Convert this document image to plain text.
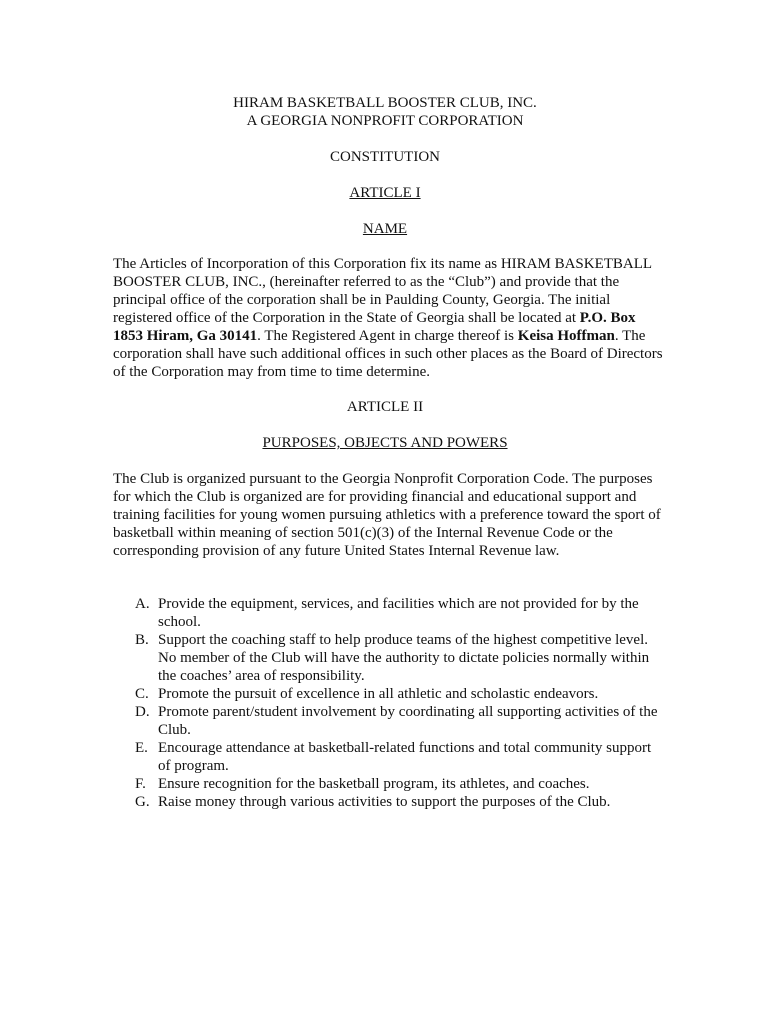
HIRAM BASKETBALL BOOSTER CLUB, INC.

A GEORGIA NONPROFIT CORPORATION

CONSTITUTION

ARTICLE I

NAME

The Articles of Incorporation of this Corporation fix its name as HIRAM BASKETBALL BOOSTER CLUB, INC., (hereinafter referred to as the “Club”) and provide that the principal office of the corporation shall be in Paulding County, Georgia. The initial registered office of the Corporation in the State of Georgia shall be located at P.O. Box 1853 Hiram, Ga 30141. The Registered Agent in charge thereof is Keisa Hoffman. The corporation shall have such additional offices in such other places as the Board of Directors of the Corporation may from time to time determine.

ARTICLE II

PURPOSES, OBJECTS AND POWERS

The Club is organized pursuant to the Georgia Nonprofit Corporation Code. The purposes for which the Club is organized are for providing financial and educational support and training facilities for young women pursuing athletics with a preference toward the sport of basketball within meaning of section 501(c)(3) of the Internal Revenue Code or the corresponding provision of any future United States Internal Revenue law.

A. Provide the equipment, services, and facilities which are not provided for by the school.
B. Support the coaching staff to help produce teams of the highest competitive level. No member of the Club will have the authority to dictate policies normally within the coaches’ area of responsibility.
C. Promote the pursuit of excellence in all athletic and scholastic endeavors.
D. Promote parent/student involvement by coordinating all supporting activities of the Club.
E. Encourage attendance at basketball-related functions and total community support of program.
F. Ensure recognition for the basketball program, its athletes, and coaches.
G. Raise money through various activities to support the purposes of the Club.
